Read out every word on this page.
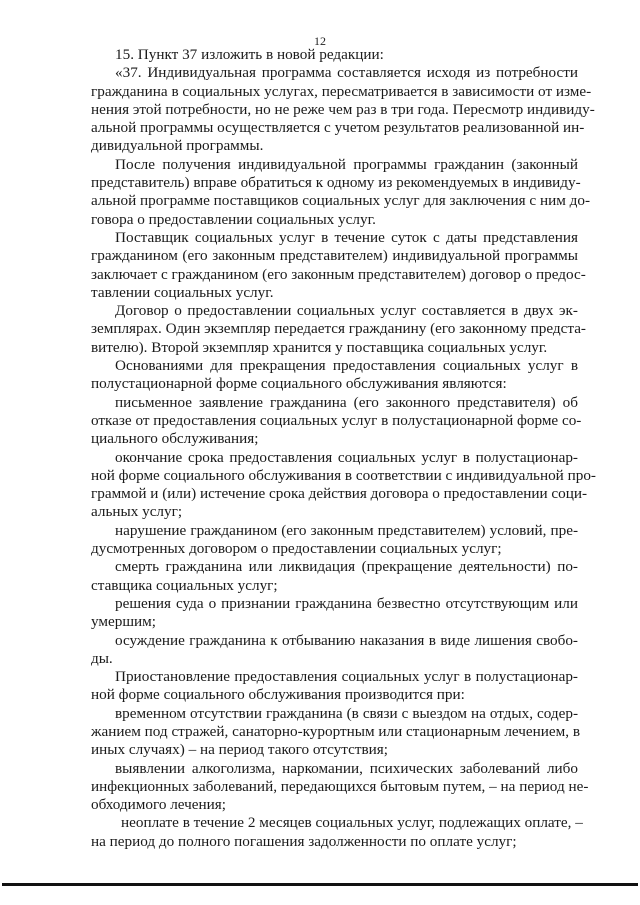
12
15. Пункт 37 изложить в новой редакции:
«37. Индивидуальная программа составляется исходя из потребности
гражданина в социальных услугах, пересматривается в зависимости от изме-
нения этой потребности, но не реже чем раз в три года. Пересмотр индивиду-
альной программы осуществляется с учетом результатов реализованной ин-
дивидуальной программы.
После получения индивидуальной программы гражданин (законный
представитель) вправе обратиться к одному из рекомендуемых в индивиду-
альной программе поставщиков социальных услуг для заключения с ним до-
говора о предоставлении социальных услуг.
Поставщик социальных услуг в течение суток с даты представления
гражданином (его законным представителем) индивидуальной программы
заключает с гражданином (его законным представителем) договор о предос-
тавлении социальных услуг.
Договор о предоставлении социальных услуг составляется в двух эк-
земплярах. Один экземпляр передается гражданину (его законному предста-
вителю). Второй экземпляр хранится у поставщика социальных услуг.
Основаниями для прекращения предоставления социальных услуг в
полустационарной форме социального обслуживания являются:
письменное заявление гражданина (его законного представителя) об
отказе от предоставления социальных услуг в полустационарной форме со-
циального обслуживания;
окончание срока предоставления социальных услуг в полустационар-
ной форме социального обслуживания в соответствии с индивидуальной про-
граммой и (или) истечение срока действия договора о предоставлении соци-
альных услуг;
нарушение гражданином (его законным представителем) условий, пре-
дусмотренных договором о предоставлении социальных услуг;
смерть гражданина или ликвидация (прекращение деятельности) по-
ставщика социальных услуг;
решения суда о признании гражданина безвестно отсутствующим или
умершим;
осуждение гражданина к отбыванию наказания в виде лишения свобо-
ды.
Приостановление предоставления социальных услуг в полустационар-
ной форме социального обслуживания производится при:
временном отсутствии гражданина (в связи с выездом на отдых, содер-
жанием под стражей, санаторно-курортным или стационарным лечением, в
иных случаях) – на период такого отсутствия;
выявлении алкоголизма, наркомании, психических заболеваний либо
инфекционных заболеваний, передающихся бытовым путем, – на период не-
обходимого лечения;
неоплате в течение 2 месяцев социальных услуг, подлежащих оплате, –
на период до полного погашения задолженности по оплате услуг;
